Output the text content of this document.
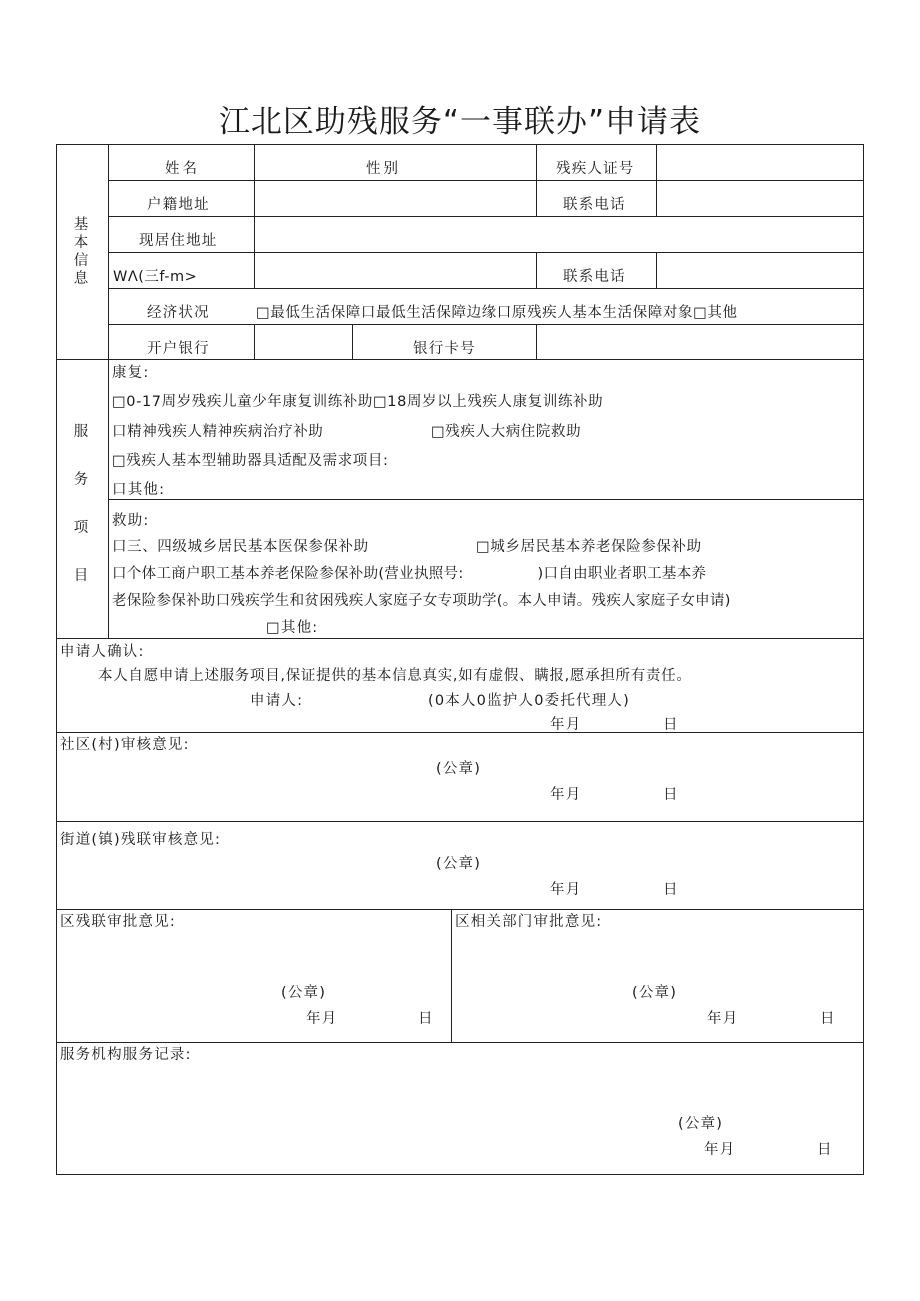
江北区助残服务“一事联办”申请表
基本信息
姓名	性别	残疾人证号
户籍地址	联系电话
现居住地址
WΛ(三f-m>	联系电话
经济状况	□最低生活保障口最低生活保障边缘口原残疾人基本生活保障对象□其他
开户银行	银行卡号
服务项目
康复:
□0-17周岁残疾儿童少年康复训练补助□18周岁以上残疾人康复训练补助
口精神残疾人精神疾病治疗补助	□残疾人大病住院救助
□残疾人基本型辅助器具适配及需求项目:
口其他:
救助:
口三、四级城乡居民基本医保参保补助	□城乡居民基本养老保险参保补助
口个体工商户职工基本养老保险参保补助(营业执照号:　　　　　)口自由职业者职工基本养
老保险参保补助口残疾学生和贫困残疾人家庭子女专项助学(。本人申请。残疾人家庭子女申请)
□其他:
申请人确认:
本人自愿申请上述服务项目,保证提供的基本信息真实,如有虚假、瞒报,愿承担所有责任。
申请人:	(0本人0监护人0委托代理人)
年月	日
社区(村)审核意见:
(公章)
年月	日
街道(镇)残联审核意见:
(公章)
年月	日
区残联审批意见:
(公章)
年月	日
区相关部门审批意见:
(公章)
年月	日
服务机构服务记录:
(公章)
年月	日
